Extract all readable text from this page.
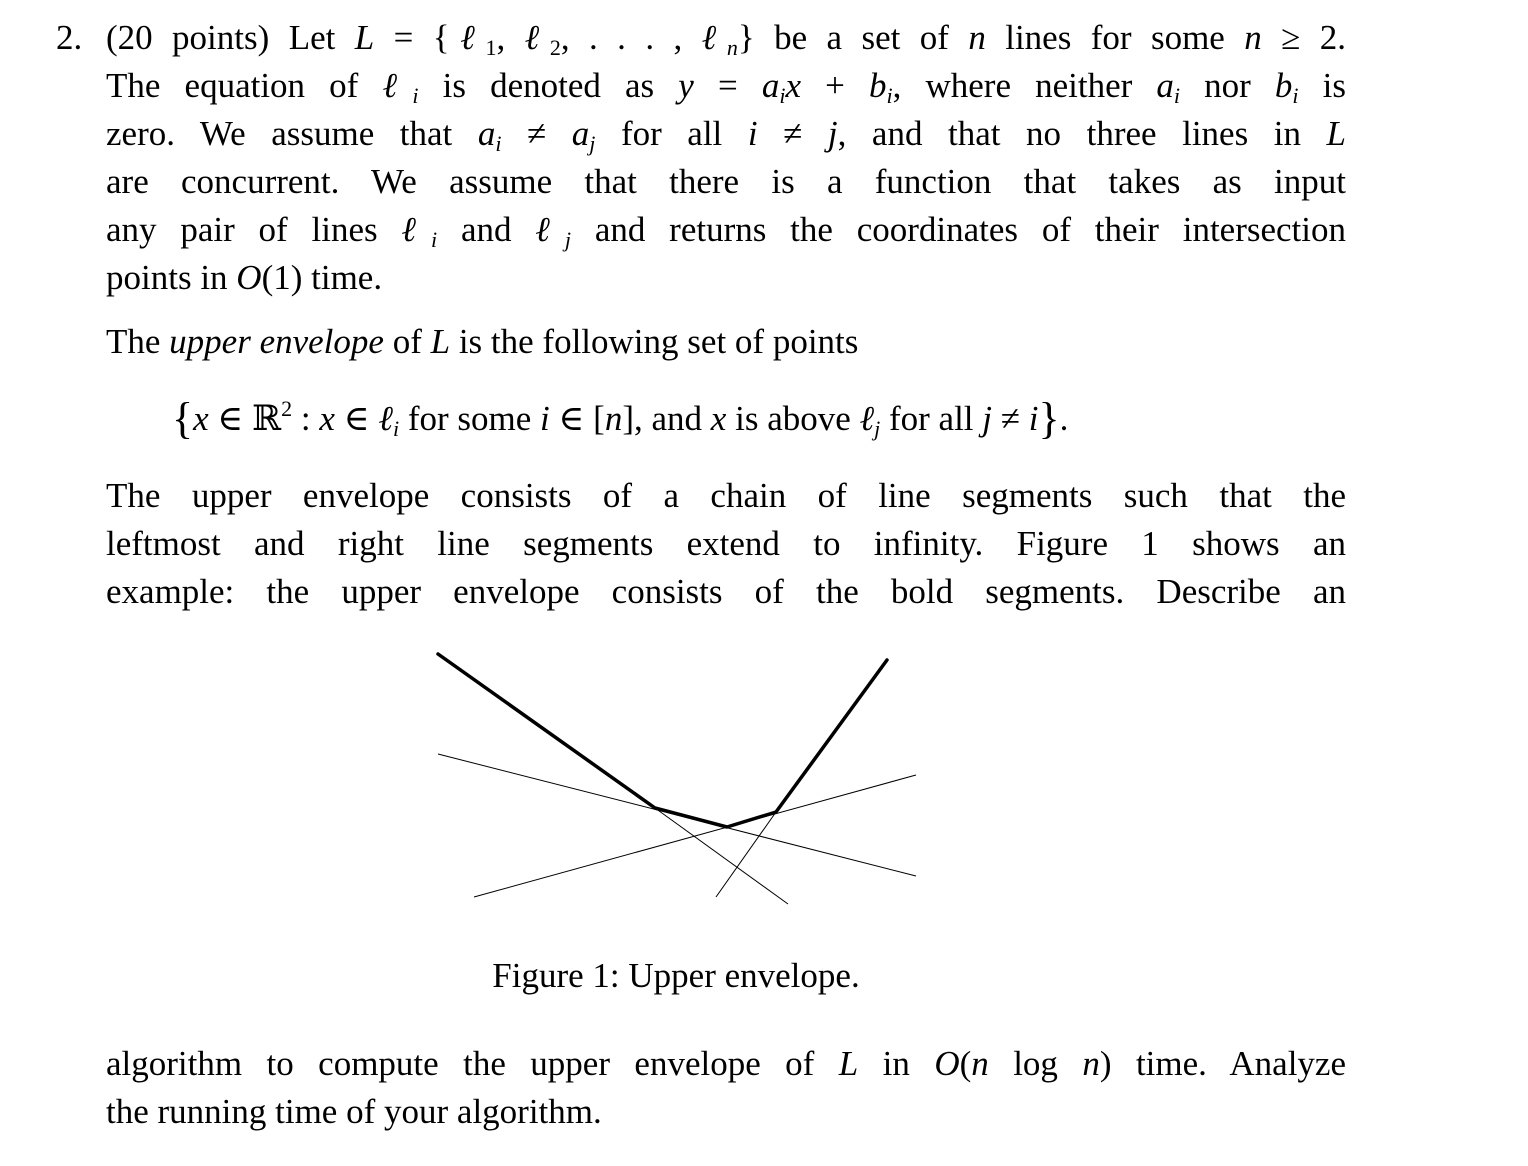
2. (20 points) Let L = {ℓ$_1$, ℓ$_2$, . . . , ℓ$_n$} be a set of n lines for some n ≥ 2.
The equation of ℓ$_i$ is denoted as $y = a_ix + b_i$, where neither $a_i$ nor $b_i$ is
zero. We assume that $a_i \ne a_j$ for all i ≠ j, and that no three lines in L
are concurrent. We assume that there is a function that takes as input
any pair of lines ℓ$_i$ and ℓ$_j$ and returns the coordinates of their intersection
points in O(1) time.
The upper envelope of L is the following set of points
{x ∈ ℝ$^2$ : x ∈ ℓ$_i$ for some i ∈ [n], and x is above ℓ$_j$ for all j ≠ i}.
The upper envelope consists of a chain of line segments such that the
leftmost and right line segments extend to infinity. Figure 1 shows an
example: the upper envelope consists of the bold segments. Describe an
Figure 1: Upper envelope.
algorithm to compute the upper envelope of L in O(n log n) time. Analyze
the running time of your algorithm.
